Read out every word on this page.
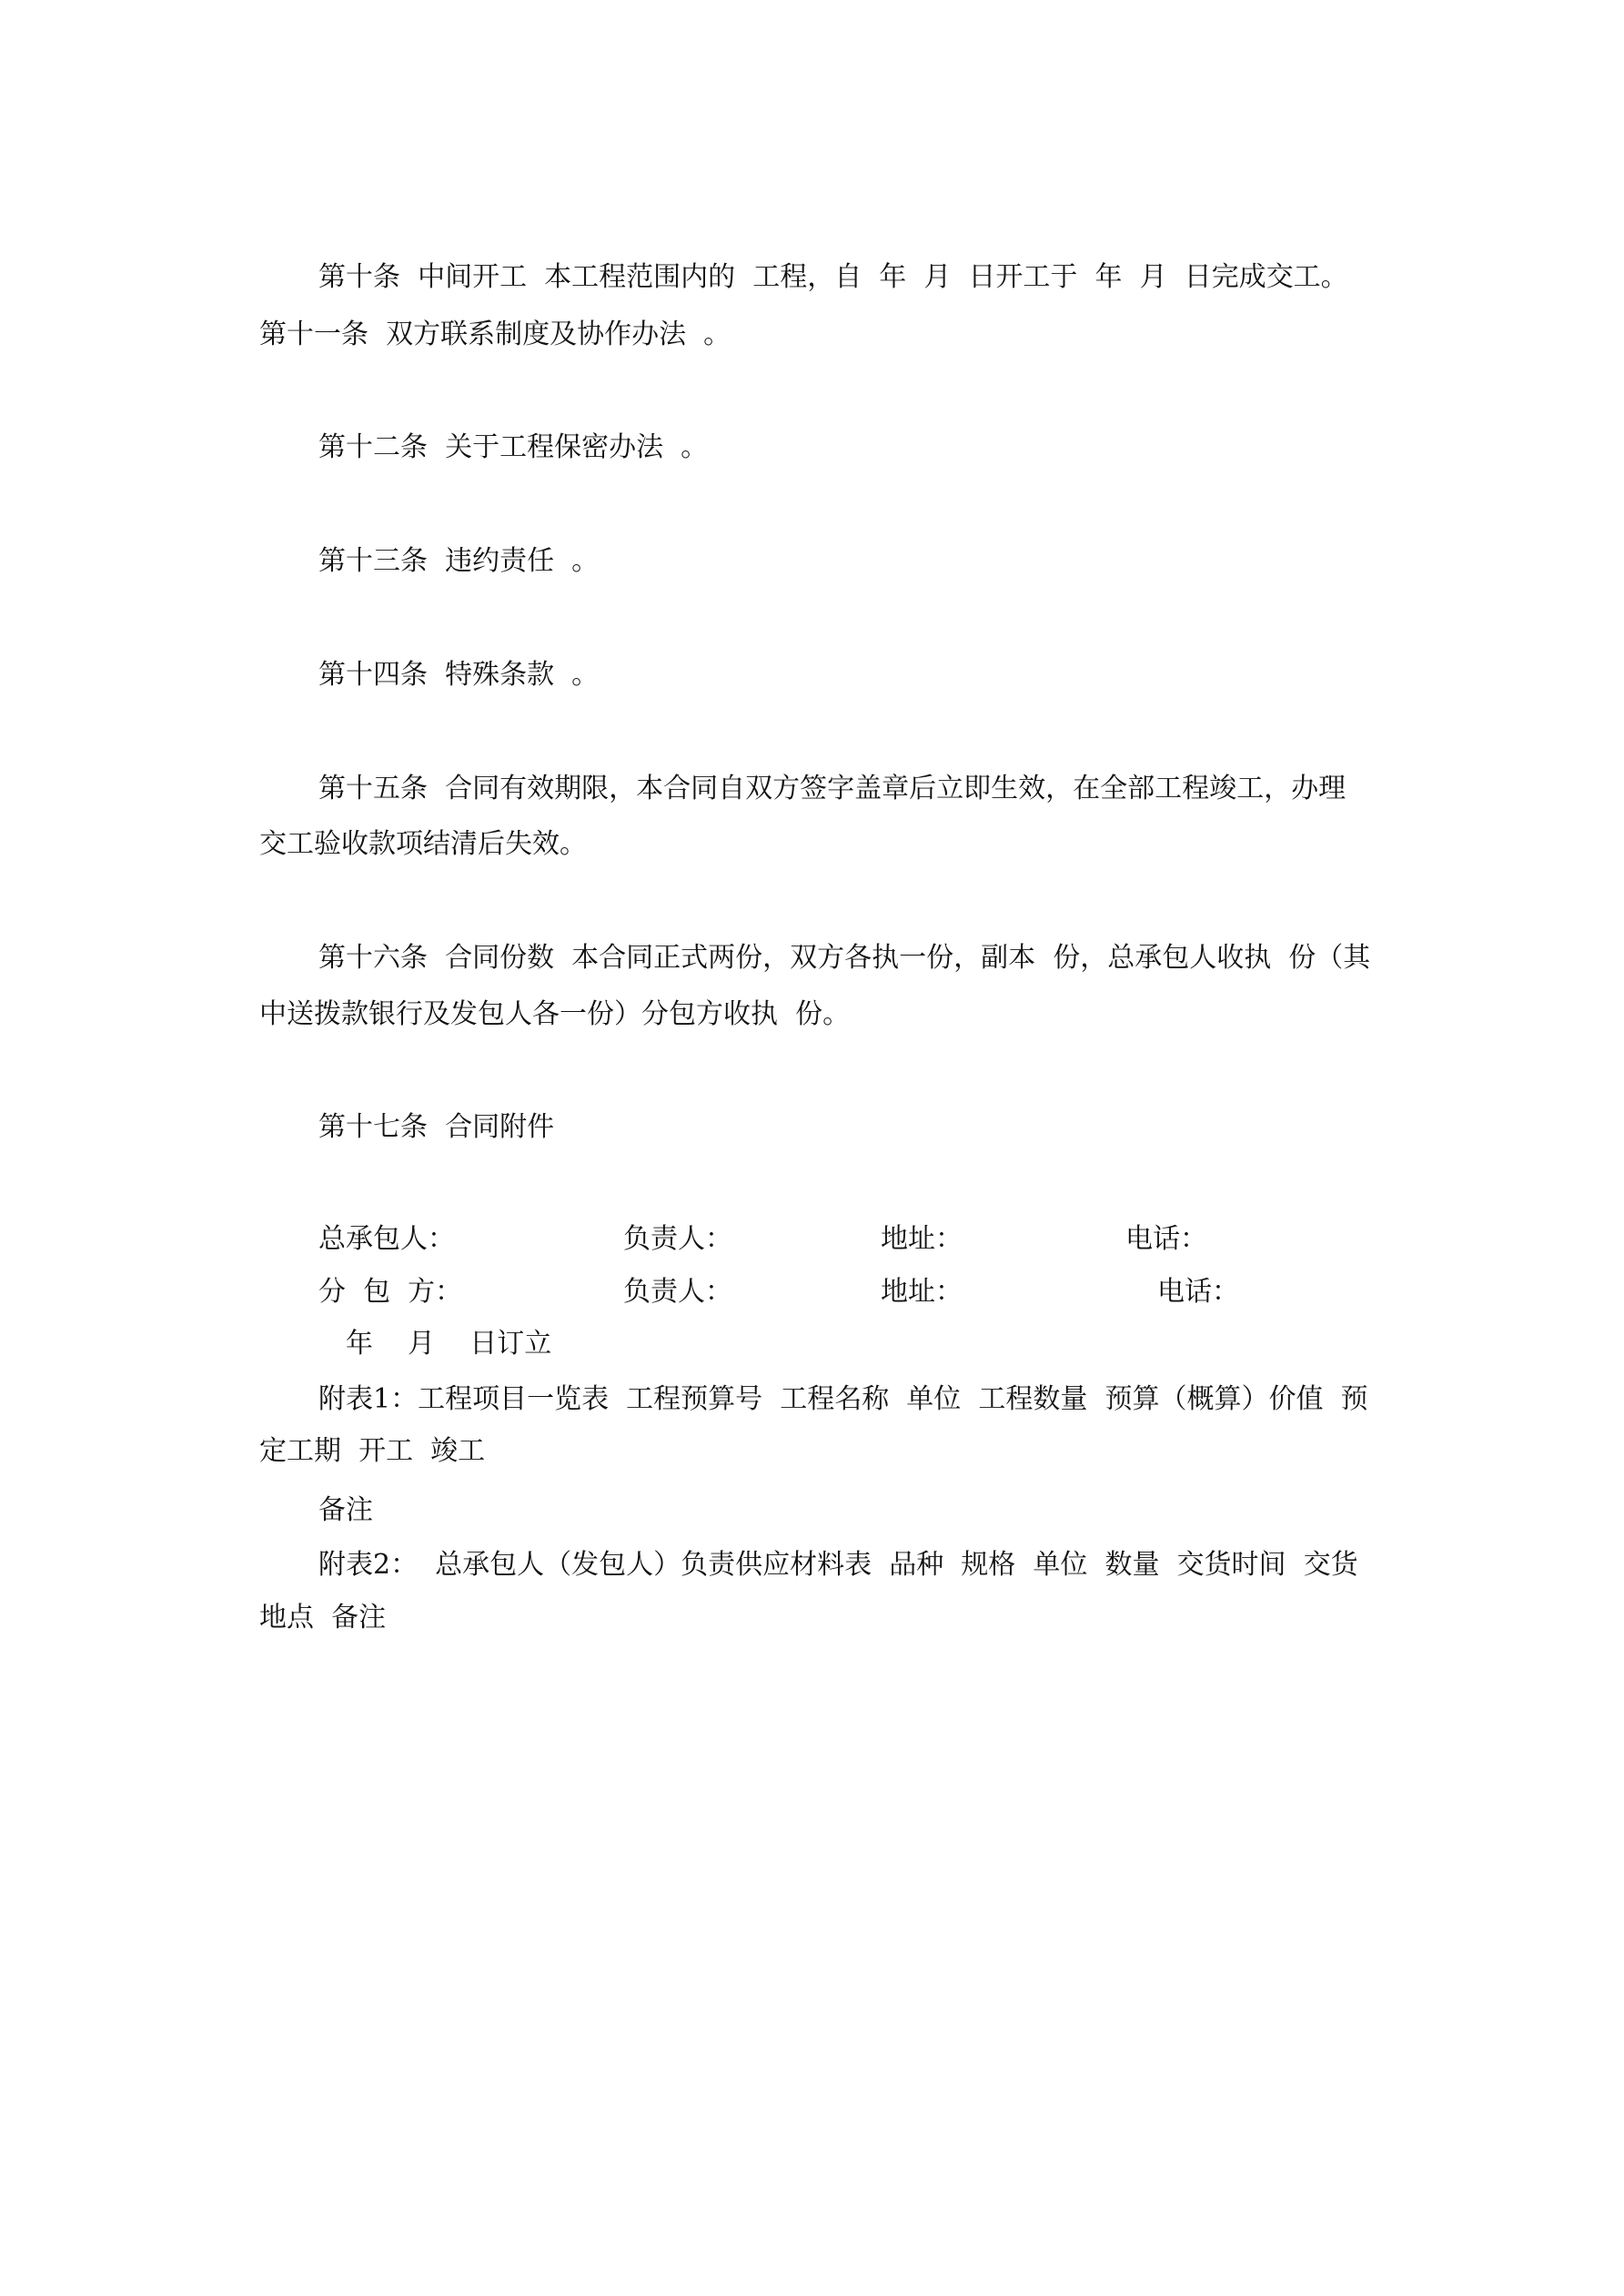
第十条  中间开工  本工程范围内的  工程，自  年  月  日开工于  年  月  日完成交工。
第十一条  双方联系制度及协作办法  。
第十二条  关于工程保密办法  。
第十三条  违约责任  。
第十四条  特殊条款  。
第十五条  合同有效期限，本合同自双方签字盖章后立即生效，在全部工程竣工，办理
交工验收款项结清后失效。
第十六条  合同份数  本合同正式两份，双方各执一份，副本  份，总承包人收执  份（其
中送拨款银行及发包人各一份）分包方收执  份。
第十七条  合同附件
总承包人：	负责人：	地址：	电话：
分  包  方：	负责人：	地址：	电话：
年    月    日订立
附表1：工程项目一览表  工程预算号  工程名称  单位  工程数量  预算（概算）价值  预
定工期  开工  竣工
备注
附表2：  总承包人（发包人）负责供应材料表  品种  规格  单位  数量  交货时间  交货
地点  备注
